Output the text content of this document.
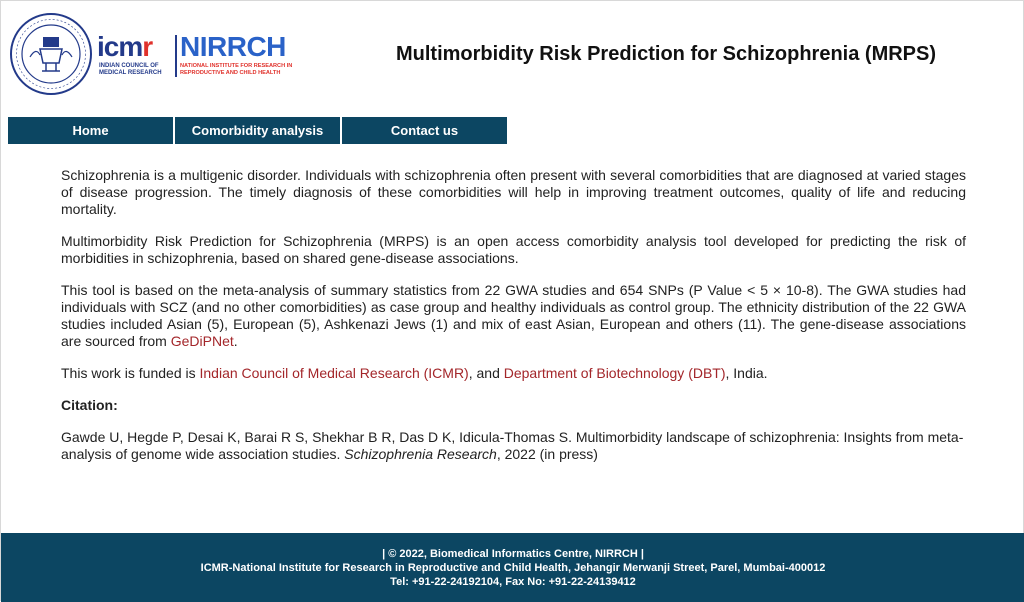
icmr
INDIAN COUNCIL OF MEDICAL RESEARCH
NIRRCH
NATIONAL INSTITUTE FOR RESEARCH IN REPRODUCTIVE AND CHILD HEALTH
Multimorbidity Risk Prediction for Schizophrenia (MRPS)
Home	Comorbidity analysis	Contact us

Schizophrenia is a multigenic disorder. Individuals with schizophrenia often present with several comorbidities that are diagnosed at varied stages of disease progression. The timely diagnosis of these comorbidities will help in improving treatment outcomes, quality of life and reducing mortality.

Multimorbidity Risk Prediction for Schizophrenia (MRPS) is an open access comorbidity analysis tool developed for predicting the risk of morbidities in schizophrenia, based on shared gene-disease associations.

This tool is based on the meta-analysis of summary statistics from 22 GWA studies and 654 SNPs (P Value < 5 × 10-8). The GWA studies had individuals with SCZ (and no other comorbidities) as case group and healthy individuals as control group. The ethnicity distribution of the 22 GWA studies included Asian (5), European (5), Ashkenazi Jews (1) and mix of east Asian, European and others (11). The gene-disease associations are sourced from GeDiPNet.

This work is funded is Indian Council of Medical Research (ICMR), and Department of Biotechnology (DBT), India.

Citation:

Gawde U, Hegde P, Desai K, Barai R S, Shekhar B R, Das D K, Idicula-Thomas S. Multimorbidity landscape of schizophrenia: Insights from meta-analysis of genome wide association studies. Schizophrenia Research, 2022 (in press)

| © 2022, Biomedical Informatics Centre, NIRRCH |
ICMR-National Institute for Research in Reproductive and Child Health, Jehangir Merwanji Street, Parel, Mumbai-400012
Tel: +91-22-24192104, Fax No: +91-22-24139412
